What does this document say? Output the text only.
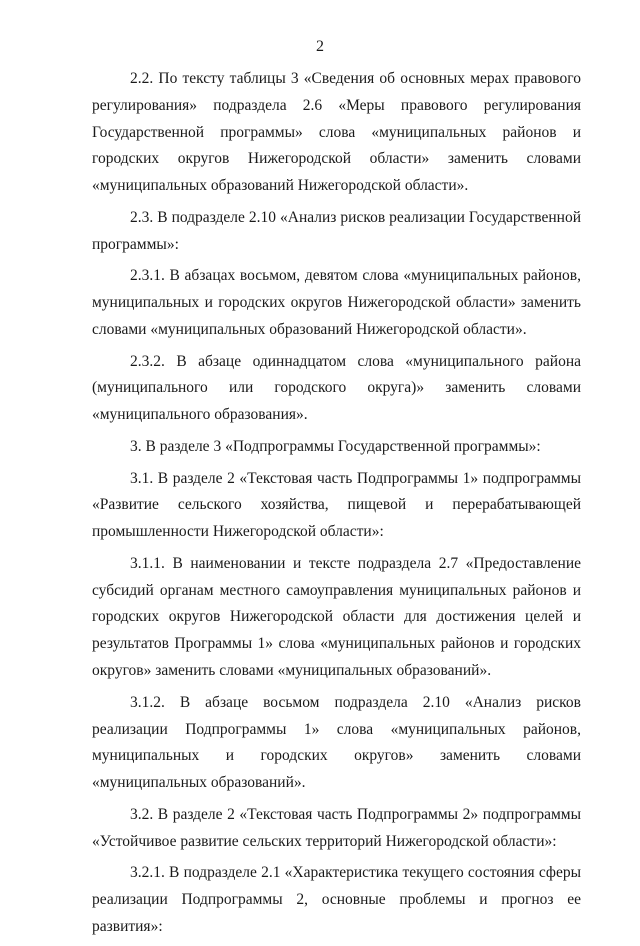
2

2.2. По тексту таблицы 3 «Сведения об основных мерах правового регулирования» подраздела 2.6 «Меры правового регулирования Государственной программы» слова «муниципальных районов и городских округов Нижегородской области» заменить словами «муниципальных образований Нижегородской области».

2.3. В подразделе 2.10 «Анализ рисков реализации Государственной программы»:

2.3.1. В абзацах восьмом, девятом слова «муниципальных районов, муниципальных и городских округов Нижегородской области» заменить словами «муниципальных образований Нижегородской области».

2.3.2. В абзаце одиннадцатом слова «муниципального района (муниципального или городского округа)» заменить словами «муниципального образования».

3. В разделе 3 «Подпрограммы Государственной программы»:

3.1. В разделе 2 «Текстовая часть Подпрограммы 1» подпрограммы «Развитие сельского хозяйства, пищевой и перерабатывающей промышленности Нижегородской области»:

3.1.1. В наименовании и тексте подраздела 2.7 «Предоставление субсидий органам местного самоуправления муниципальных районов и городских округов Нижегородской области для достижения целей и результатов Программы 1» слова «муниципальных районов и городских округов» заменить словами «муниципальных образований».

3.1.2. В абзаце восьмом подраздела 2.10 «Анализ рисков реализации Подпрограммы 1» слова «муниципальных районов, муниципальных и городских округов» заменить словами «муниципальных образований».

3.2. В разделе 2 «Текстовая часть Подпрограммы 2» подпрограммы «Устойчивое развитие сельских территорий Нижегородской области»:

3.2.1. В подразделе 2.1 «Характеристика текущего состояния сферы реализации Подпрограммы 2, основные проблемы и прогноз ее развития»:
